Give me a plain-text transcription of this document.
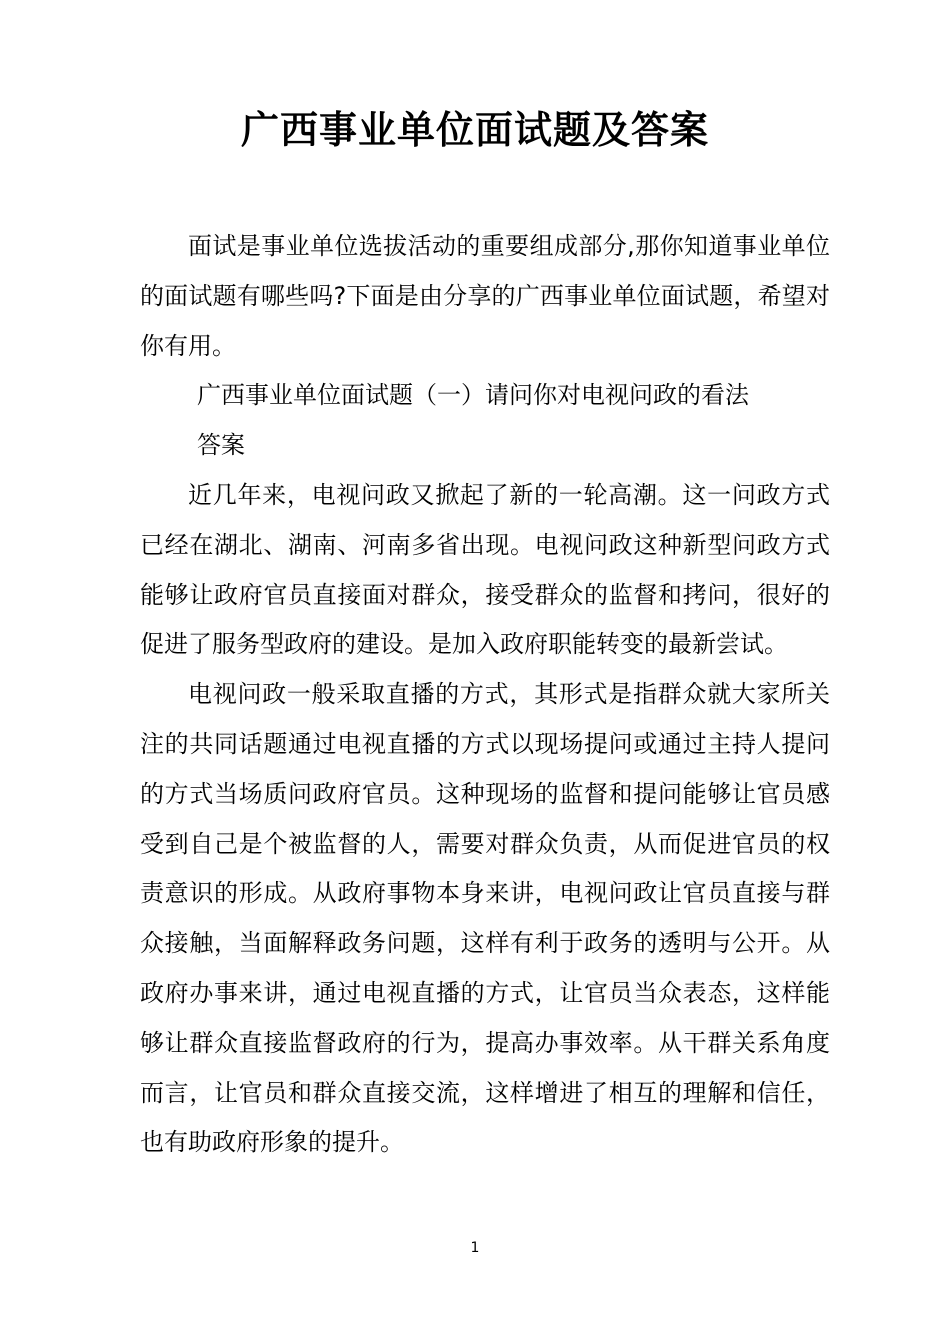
广西事业单位面试题及答案

面试是事业单位选拔活动的重要组成部分,那你知道事业单位的面试题有哪些吗?下面是由分享的广西事业单位面试题，希望对你有用。

广西事业单位面试题（一）请问你对电视问政的看法

答案

近几年来，电视问政又掀起了新的一轮高潮。这一问政方式已经在湖北、湖南、河南多省出现。电视问政这种新型问政方式能够让政府官员直接面对群众，接受群众的监督和拷问，很好的促进了服务型政府的建设。是加入政府职能转变的最新尝试。

电视问政一般采取直播的方式，其形式是指群众就大家所关注的共同话题通过电视直播的方式以现场提问或通过主持人提问的方式当场质问政府官员。这种现场的监督和提问能够让官员感受到自己是个被监督的人，需要对群众负责，从而促进官员的权责意识的形成。从政府事物本身来讲，电视问政让官员直接与群众接触，当面解释政务问题，这样有利于政务的透明与公开。从政府办事来讲，通过电视直播的方式，让官员当众表态，这样能够让群众直接监督政府的行为，提高办事效率。从干群关系角度而言，让官员和群众直接交流，这样增进了相互的理解和信任，也有助政府形象的提升。

1
